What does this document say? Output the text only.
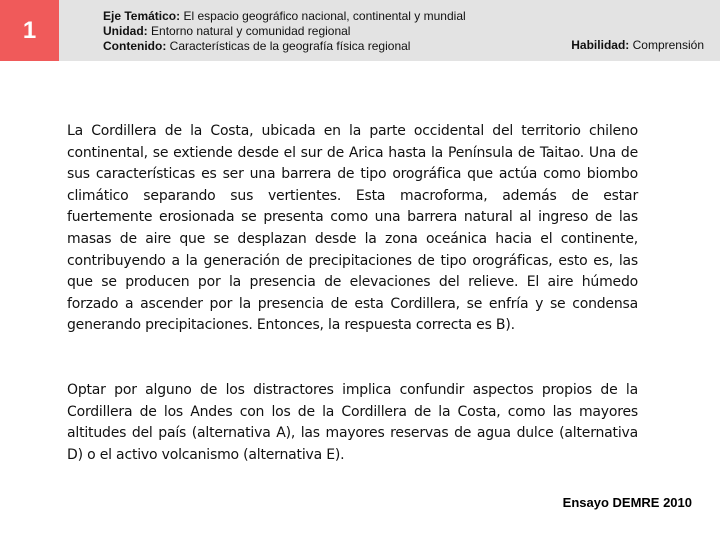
1
Eje Temático: El espacio geográfico nacional, continental y mundial
Unidad: Entorno natural y comunidad regional
Contenido: Características de la geografía física regional	Habilidad: Comprensión
La Cordillera de la Costa, ubicada en la parte occidental del territorio chileno continental, se extiende desde el sur de Arica hasta la Península de Taitao. Una de sus características es ser una barrera de tipo orográfica que actúa como biombo climático separando sus vertientes. Esta macroforma, además de estar fuertemente erosionada se presenta como una barrera natural al ingreso de las masas de aire que se desplazan desde la zona oceánica hacia el continente, contribuyendo a la generación de precipitaciones de tipo orográficas, esto es, las que se producen por la presencia de elevaciones del relieve. El aire húmedo forzado a ascender por la presencia de esta Cordillera, se enfría y se condensa generando precipitaciones. Entonces, la respuesta correcta es B).
Optar por alguno de los distractores implica confundir aspectos propios de la Cordillera de los Andes con los de la Cordillera de la Costa, como las mayores altitudes del país (alternativa A), las mayores reservas de agua dulce (alternativa D) o el activo volcanismo (alternativa E).
Ensayo DEMRE 2010
